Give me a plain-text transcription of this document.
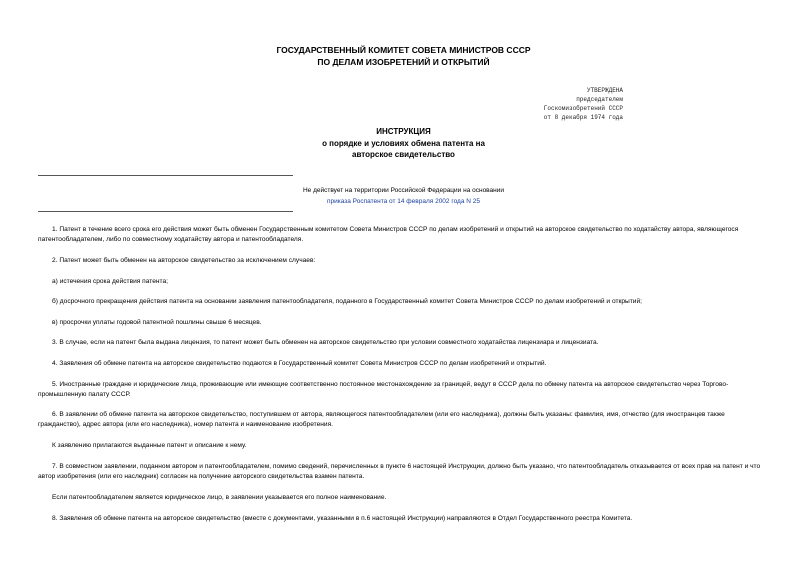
ГОСУДАРСТВЕННЫЙ КОМИТЕТ СОВЕТА МИНИСТРОВ СССР
ПО ДЕЛАМ ИЗОБРЕТЕНИЙ И ОТКРЫТИЙ
УТВЕРЖДЕНА
председателем
Госкомизобретений СССР
от 8 декабря 1974 года
ИНСТРУКЦИЯ
о порядке и условиях обмена патента на
авторское свидетельство
Не действует на территории Российской Федерации на основании
приказа Роспатента от 14 февраля 2002 года N 25
1. Патент в течение всего срока его действия может быть обменен Государственным комитетом Совета Министров СССР по делам изобретений и открытий на авторское свидетельство по ходатайству автора, являющегося патентообладателем, либо по совместному ходатайству автора и патентообладателя.
2. Патент может быть обменен на авторское свидетельство за исключением случаев:
а) истечения срока действия патента;
б) досрочного прекращения действия патента на основании заявления патентообладателя, поданного в Государственный комитет Совета Министров СССР по делам изобретений и открытий;
в) просрочки уплаты годовой патентной пошлины свыше 6 месяцев.
3. В случае, если на патент была выдана лицензия, то патент может быть обменен на авторское свидетельство при условии совместного ходатайства лицензиара и лицензиата.
4. Заявления об обмене патента на авторское свидетельство подаются в Государственный комитет Совета Министров СССР по делам изобретений и открытий.
5. Иностранные граждане и юридические лица, проживающие или имеющие соответственно постоянное местонахождение за границей, ведут в СССР дела по обмену патента на авторское свидетельство через Торгово-промышленную палату СССР.
6. В заявлении об обмене патента на авторское свидетельство, поступившем от автора, являющегося патентообладателем (или его наследника), должны быть указаны: фамилия, имя, отчество (для иностранцев также гражданство), адрес автора (или его наследника), номер патента и наименование изобретения.
К заявлению прилагаются выданные патент и описание к нему.
7. В совместном заявлении, поданном автором и патентообладателем, помимо сведений, перечисленных в пункте 6 настоящей Инструкции, должно быть указано, что патентообладатель отказывается от всех прав на патент и что автор изобретения (или его наследник) согласен на получение авторского свидетельства взамен патента.
Если патентообладателем является юридическое лицо, в заявлении указывается его полное наименование.
8. Заявления об обмене патента на авторское свидетельство (вместе с документами, указанными в п.6 настоящей Инструкции) направляются в Отдел Государственного реестра Комитета.
